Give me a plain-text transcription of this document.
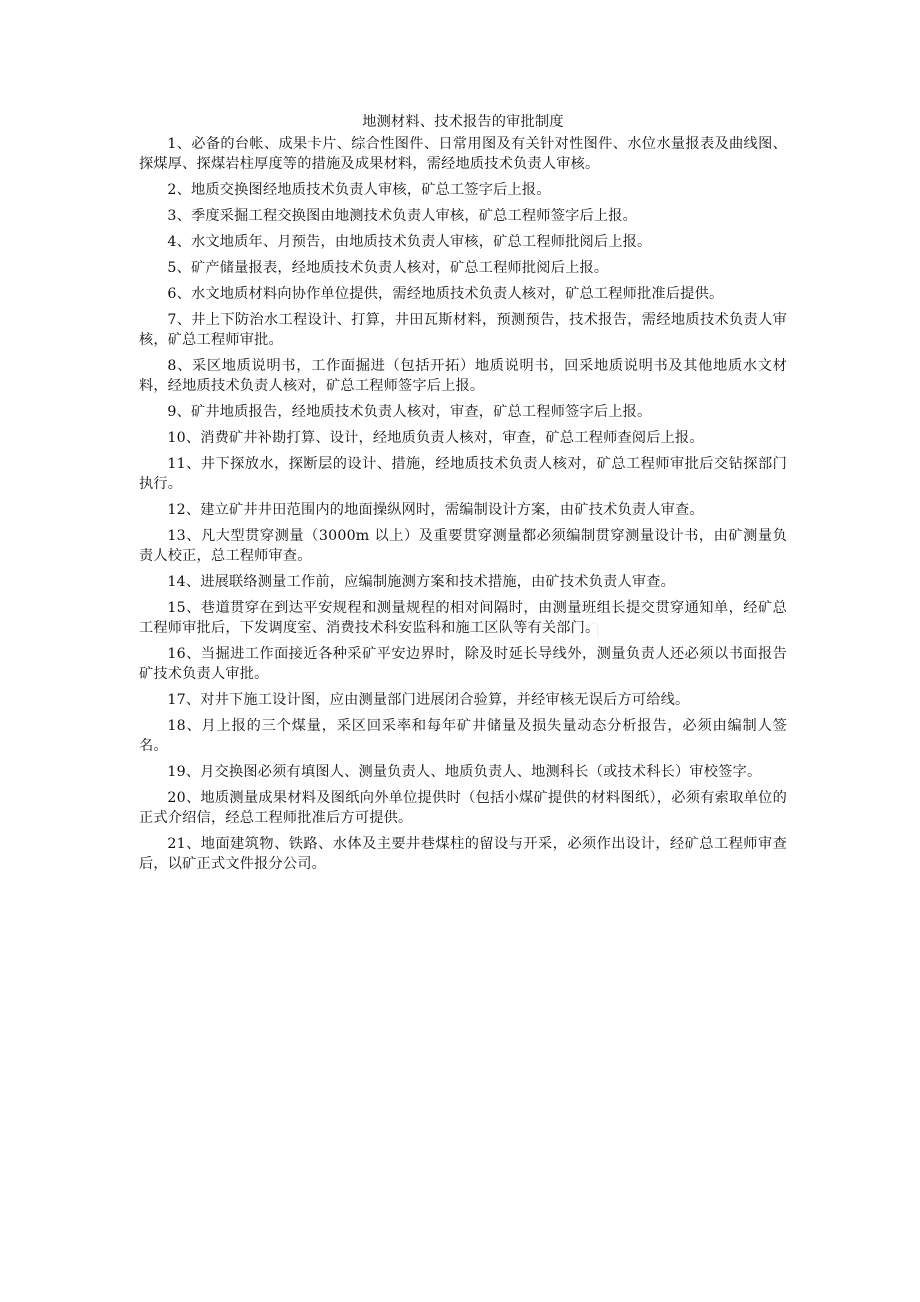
地测材料、技术报告的审批制度

1、必备的台帐、成果卡片、综合性图件、日常用图及有关针对性图件、水位水量报表及曲线图、探煤厚、探煤岩柱厚度等的措施及成果材料，需经地质技术负责人审核。

2、地质交换图经地质技术负责人审核，矿总工签字后上报。

3、季度采掘工程交换图由地测技术负责人审核，矿总工程师签字后上报。

4、水文地质年、月预告，由地质技术负责人审核，矿总工程师批阅后上报。

5、矿产储量报表，经地质技术负责人核对，矿总工程师批阅后上报。

6、水文地质材料向协作单位提供，需经地质技术负责人核对，矿总工程师批准后提供。

7、井上下防治水工程设计、打算，井田瓦斯材料，预测预告，技术报告，需经地质技术负责人审核，矿总工程师审批。

8、采区地质说明书，工作面掘进（包括开拓）地质说明书，回采地质说明书及其他地质水文材料，经地质技术负责人核对，矿总工程师签字后上报。

9、矿井地质报告，经地质技术负责人核对，审查，矿总工程师签字后上报。

10、消费矿井补勘打算、设计，经地质负责人核对，审查，矿总工程师查阅后上报。

11、井下探放水，探断层的设计、措施，经地质技术负责人核对，矿总工程师审批后交钻探部门执行。

12、建立矿井井田范围内的地面操纵网时，需编制设计方案，由矿技术负责人审查。

13、凡大型贯穿测量（3000m 以上）及重要贯穿测量都必须编制贯穿测量设计书，由矿测量负责人校正，总工程师审查。

14、进展联络测量工作前，应编制施测方案和技术措施，由矿技术负责人审查。

15、巷道贯穿在到达平安规程和测量规程的相对间隔时，由测量班组长提交贯穿通知单，经矿总工程师审批后，下发调度室、消费技术科安监科和施工区队等有关部门。

16、当掘进工作面接近各种采矿平安边界时，除及时延长导线外，测量负责人还必须以书面报告矿技术负责人审批。

17、对井下施工设计图，应由测量部门进展闭合验算，并经审核无误后方可给线。

18、月上报的三个煤量，采区回采率和每年矿井储量及损失量动态分析报告，必须由编制人签名。

19、月交换图必须有填图人、测量负责人、地质负责人、地测科长（或技术科长）审校签字。

20、地质测量成果材料及图纸向外单位提供时（包括小煤矿提供的材料图纸），必须有索取单位的正式介绍信，经总工程师批准后方可提供。

21、地面建筑物、铁路、水体及主要井巷煤柱的留设与开采，必须作出设计，经矿总工程师审查后，以矿正式文件报分公司。
